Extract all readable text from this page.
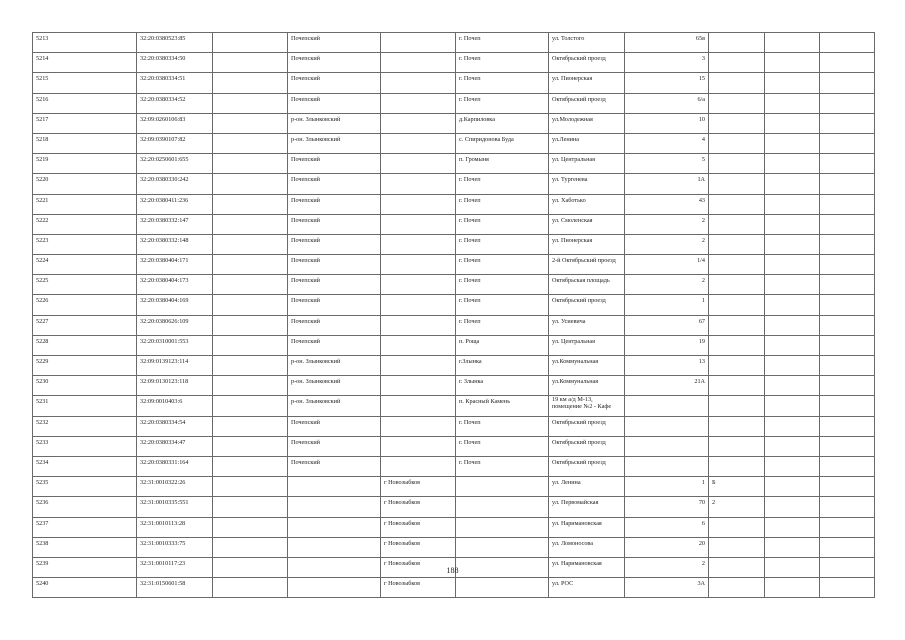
5213	32:20:0380523:85		Почепский		г. Почеп	ул. Толстого	65в			
5214	32:20:0380334:50		Почепский		г. Почеп	Октябрьский проезд	3			
5215	32:20:0380334:51		Почепский		г. Почеп	ул. Пионерская	15			
5216	32:20:0380334:52		Почепский		г. Почеп	Октябрьский проезд	6/а			
5217	32:09:0260106:83		р-он. Злынковский		д.Карпиловка	ул.Молодежная	10			
5218	32:09:0390107:82		р-он. Злынковский		с. Спиридонова Буда	ул.Ленина	4			
5219	32:20:0250601:655		Почепский		п. Громыня	ул. Центральная	5			
5220	32:20:0380330:242		Почепский		г. Почеп	ул. Тургенева	1А			
5221	32:20:0380411:236		Почепский		г. Почеп	ул. Хаботько	43			
5222	32:20:0380332:147		Почепский		г. Почеп	ул. Смоленская	2			
5223	32:20:0380332:148		Почепский		г. Почеп	ул. Пионерская	2			
5224	32:20:0380404:171		Почепский		г. Почеп	2-й Октябрьский проезд	1/4			
5225	32:20:0380404:173		Почепский		г. Почеп	Октябрьская площадь	2			
5226	32:20:0380404:169		Почепский		г. Почеп	Октябрьский проезд	1			
5227	32:20:0380626:109		Почепский		г. Почеп	ул. Усиевича	67			
5228	32:20:0310001:553		Почепский		п. Роща	ул. Центральная	19			
5229	32:09:0139123:114		р-он. Злынковский		г.Злынка	ул.Коммунальная	13			
5230	32:09:0130123:118		р-он. Злынковский		г. Злынка	ул.Коммунальная	21А			
5231	32:09:0010403:6		р-он. Злынковский		п. Красный Камень	19 км а/д М-13, помещение №2 - Кафе				
5232	32:20:0380334:54		Почепский		г. Почеп	Октябрьский проезд				
5233	32:20:0380334:47		Почепский		г. Почеп	Октябрьский проезд				
5234	32:20:0380331:164		Почепский		г. Почеп	Октябрьский проезд				
5235	32:31:0010322:26			г Новозыбков		ул. Ленина	1	Б		
5236	32:31:0010335:551			г Новозыбков		ул. Первомайская	70	2		
5237	32:31:0010113:28			г Новозыбков		ул. Наримановская	6			
5238	32:31:0010333:75			г Новозыбков		ул. Ломоносова	20			
5239	32:31:0010117:23			г Новозыбков		ул. Наримановская	2			
5240	32:31:0150601:58			г Новозыбков		ул. РОС	3А			
188
